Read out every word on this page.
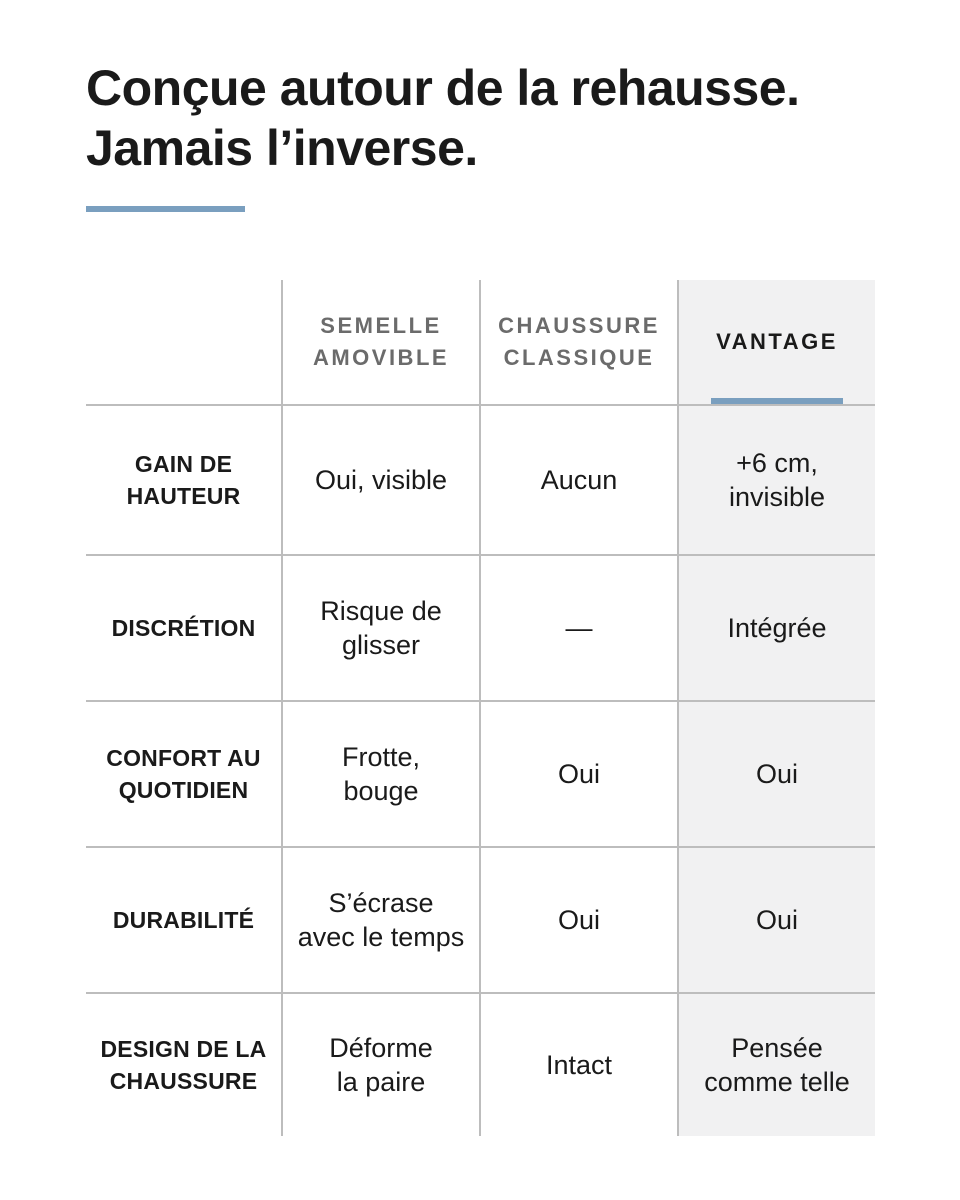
Conçue autour de la rehausse.
Jamais l’inverse.

	SEMELLE
AMOVIBLE	CHAUSSURE
CLASSIQUE	VANTAGE

GAIN DE
HAUTEUR	Oui, visible	Aucun	+6 cm,
invisible

DISCRÉTION	Risque de
glisser	—	Intégrée

CONFORT AU
QUOTIDIEN	Frotte,
bouge	Oui	Oui

DURABILITÉ	S’écrase
avec le temps	Oui	Oui

DESIGN DE LA
CHAUSSURE	Déforme
la paire	Intact	Pensée
comme telle
